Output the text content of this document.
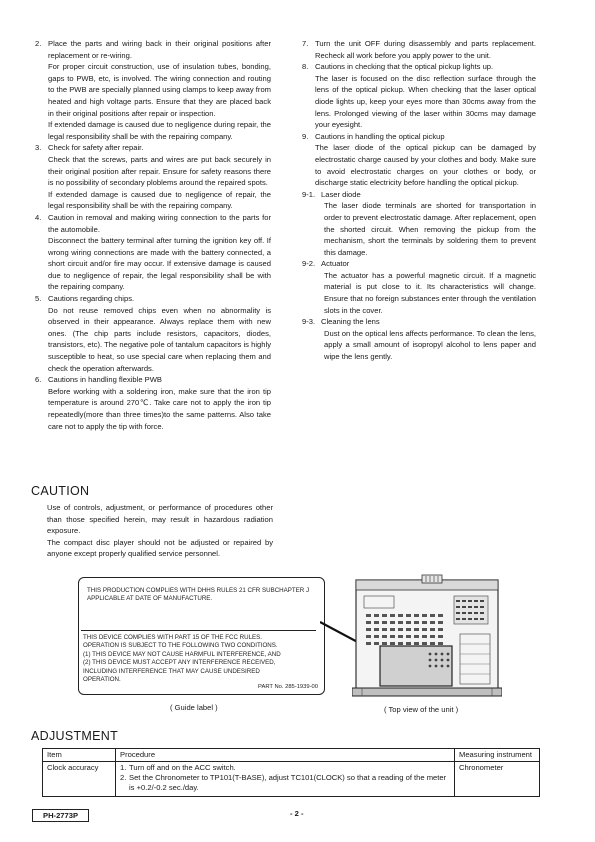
2. Place the parts and wiring back in their original positions after replacement or re-wiring.
For proper circuit construction, use of insulation tubes, bonding, gaps to PWB, etc, is involved. The wiring connection and routing to the PWB are specially planned using clamps to keep away from heated and high voltage parts. Ensure that they are placed back in their original positions after repair or inspection.
If extended damage is caused due to negligence during repair, the legal responsibility shall be with the repairing company.
3. Check for safety after repair.
Check that the screws, parts and wires are put back securely in their original position after repair. Ensure for safety reasons there is no possibility of secondary ploblems around the repaired spots.
If extended damage is caused due to negligence of repair, the legal responsibility shall be with the repairing company.
4. Caution in removal and making wiring connection to the parts for the automobile.
Disconnect the battery terminal after turning the ignition key off. If wrong wiring connections are made with the battery connected, a short circuit and/or fire may occur. If extensive damage is caused due to negligence of repair, the legal responsibility shall be with the repairing company.
5. Cautions regarding chips.
Do not reuse removed chips even when no abnormality is observed in their appearance. Always replace them with new ones. (The chip parts include resistors, capacitors, diodes, transistors, etc). The negative pole of tantalum capacitors is highly susceptible to heat, so use special care when replacing them and check the operation afterwards.
6. Cautions in handling flexible PWB
Before working with a soldering iron, make sure that the iron tip temperature is around 270℃. Take care not to apply the iron tip repeatedly(more than three times)to the same patterns. Also take care not to apply the tip with force.
7. Turn the unit OFF during disassembly and parts replacement. Recheck all work before you apply power to the unit.
8. Cautions in checking that the optical pickup lights up.
The laser is focused on the disc reflection surface through the lens of the optical pickup. When checking that the laser optical diode lights up, keep your eyes more than 30cms away from the lens. Prolonged viewing of the laser within 30cms may damage your eyesight.
9. Cautions in handling the optical pickup
The laser diode of the optical pickup can be damaged by electrostatic charge caused by your clothes and body. Make sure to avoid electrostatic charges on your clothes or body, or discharge static electricity before handling the optical pickup.
9-1. Laser diode
The laser diode terminals are shorted for transportation in order to prevent electrostatic damage. After replacement, open the shorted circuit. When removing the pickup from the mechanism, short the terminals by soldering them to prevent this damage.
9-2. Actuator
The actuator has a powerful magnetic circuit. If a magnetic material is put close to it. Its characteristics will change. Ensure that no foreign substances enter through the ventilation slots in the cover.
9-3. Cleaning the lens
Dust on the optical lens affects performance. To clean the lens, apply a small amount of isopropyl alcohol to lens paper and wipe the lens gently.
CAUTION
Use of controls, adjustment, or performance of procedures other than those specified herein, may result in hazardous radiation exposure.
The compact disc player should not be adjusted or repaired by anyone except properly qualified service personnel.
THIS PRODUCTION COMPLIES WITH DHHS RULES 21 CFR SUBCHAPTER J APPLICABLE AT DATE OF MANUFACTURE.
THIS DEVICE COMPLIES WITH PART 15 OF THE FCC RULES.
OPERATION IS SUBJECT TO THE FOLLOWING TWO CONDITIONS.
(1) THIS DEVICE MAY NOT CAUSE HARMFUL INTERFERENCE, AND
(2) THIS DEVICE MUST ACCEPT ANY INTERFERENCE RECEIVED,
INCLUDING INTERFERENCE THAT MAY CAUSE UNDESIRED
OPERATION.
PART No. 285-1939-00
( Guide label )	( Top view of the unit )
ADJUSTMENT
Item	Procedure	Measuring instrument
Clock accuracy	1. Turn off and on the ACC switch.
2. Set the Chronometer to TP101(T-BASE), adjust TC101(CLOCK) so that a reading of the meter is +0.2/-0.2 sec./day.	Chronometer
PH-2773P	- 2 -
